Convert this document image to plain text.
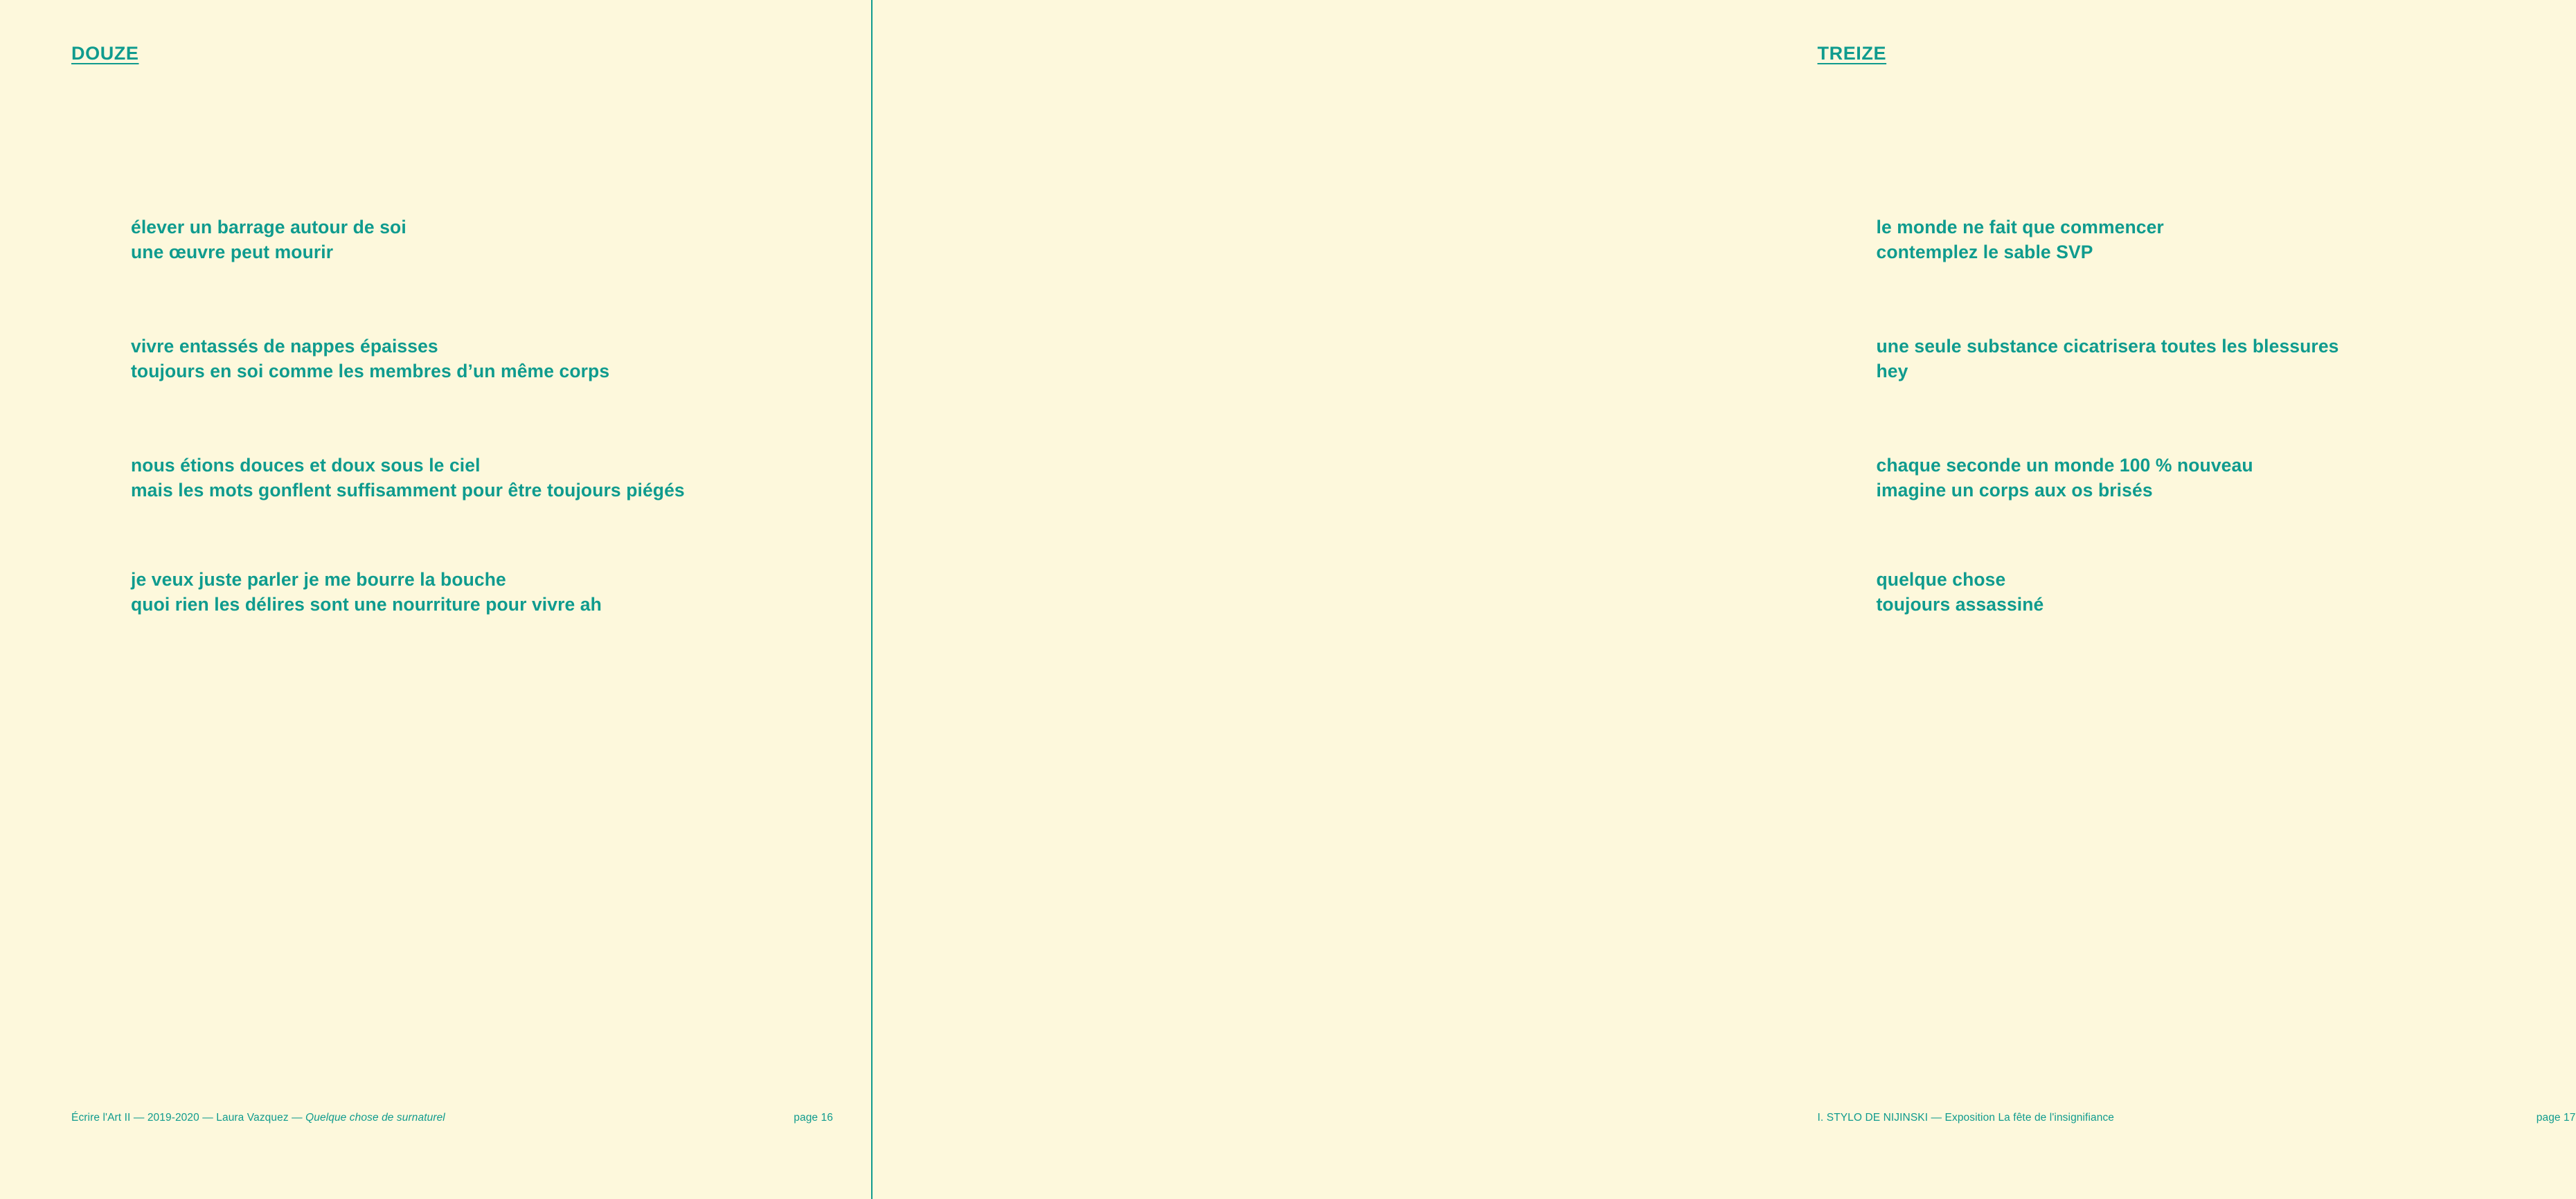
DOUZE
élever un barrage autour de soi
une œuvre peut mourir
vivre entassés de nappes épaisses
toujours en soi comme les membres d’un même corps
nous étions douces et doux sous le ciel
mais les mots gonflent suffisamment pour être toujours piégés
je veux juste parler je me bourre la bouche
quoi rien les délires sont une nourriture pour vivre ah
Écrire l'Art II — 2019-2020 — Laura Vazquez — Quelque chose de surnaturel	page 16
TREIZE
le monde ne fait que commencer
contemplez le sable SVP
une seule substance cicatrisera toutes les blessures
hey
chaque seconde un monde 100 % nouveau
imagine un corps aux os brisés
quelque chose
toujours assassiné
I. STYLO DE NIJINSKI — Exposition La fête de l'insignifiance	page 17
